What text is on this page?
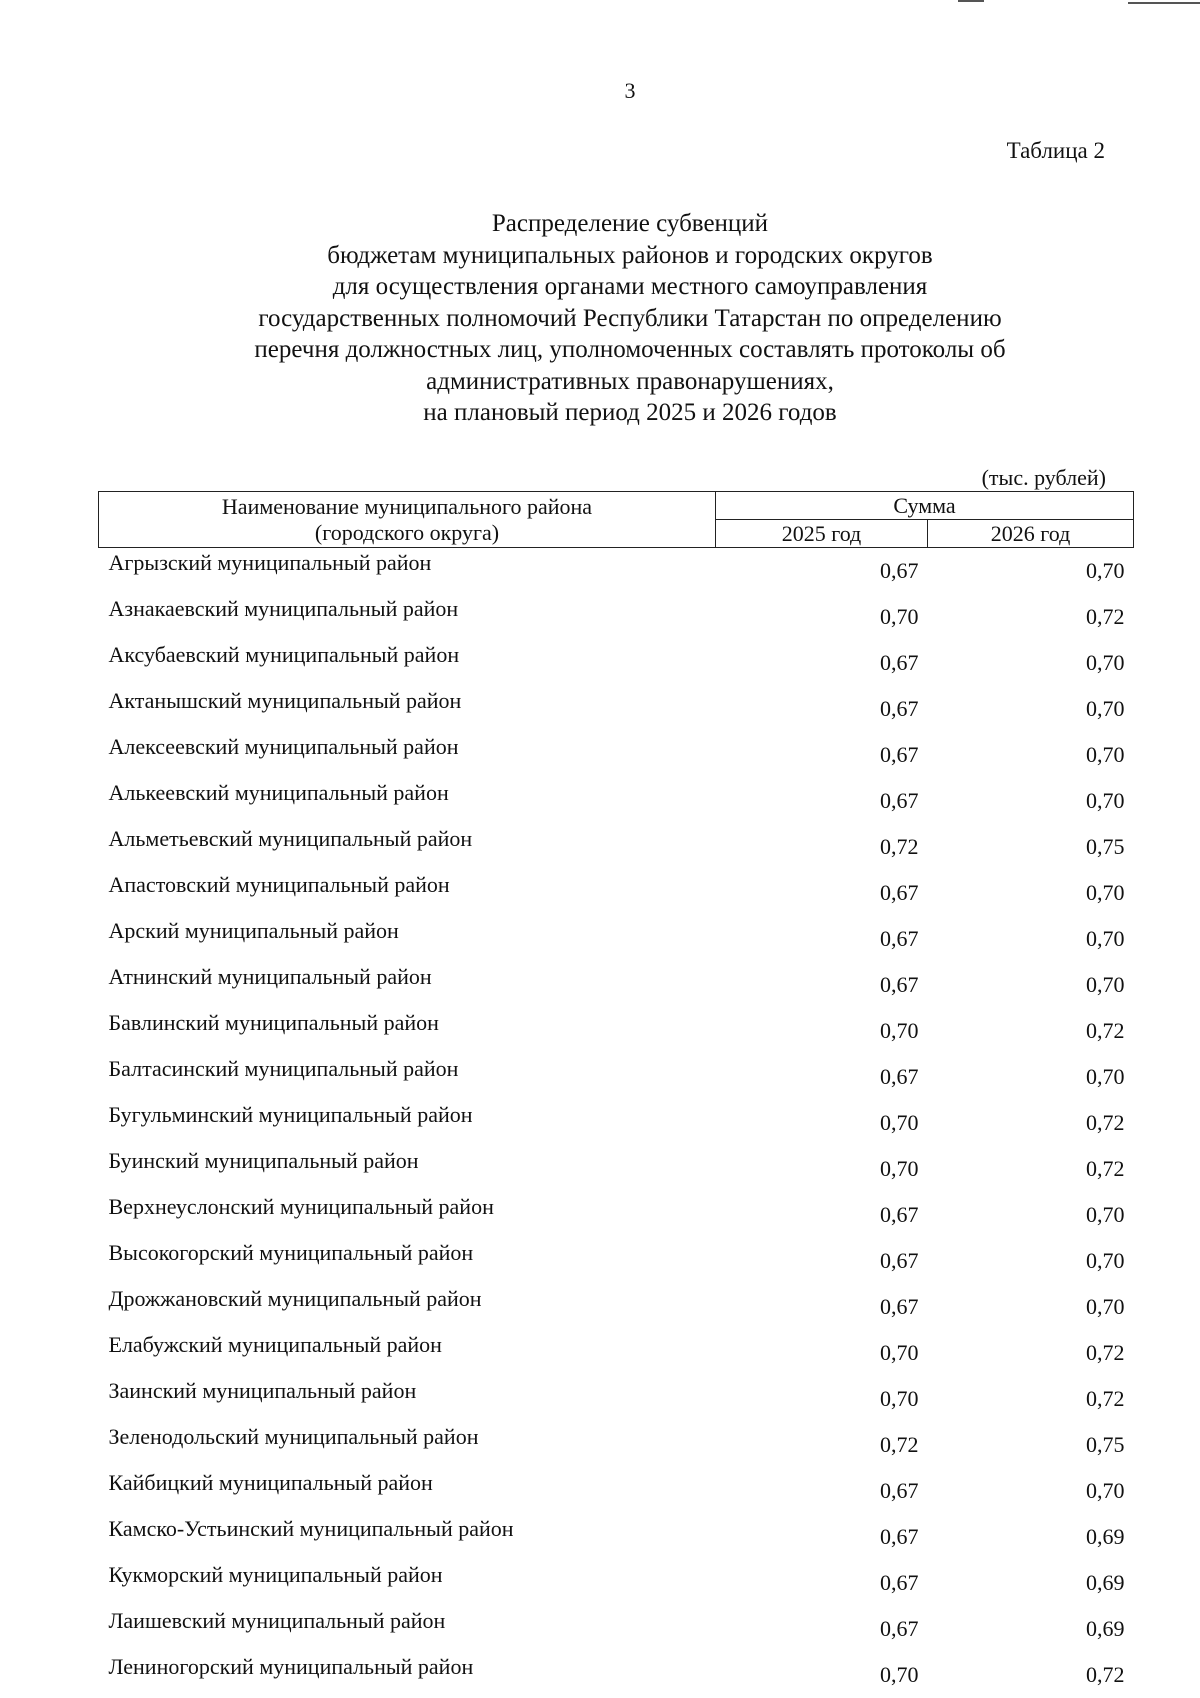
3
Таблица 2
Распределение субвенций
бюджетам муниципальных районов и городских округов
для осуществления органами местного самоуправления
государственных полномочий Республики Татарстан по определению
перечня должностных лиц, уполномоченных составлять протоколы об
административных правонарушениях,
на плановый период 2025 и 2026 годов
(тыс. рублей)
Наименование муниципального района
(городского округа)	Сумма	
	2025 год	2026 год
Агрызский муниципальный район	0,67	0,70
Азнакаевский муниципальный район	0,70	0,72
Аксубаевский муниципальный район	0,67	0,70
Актанышский муниципальный район	0,67	0,70
Алексеевский муниципальный район	0,67	0,70
Алькеевский муниципальный район	0,67	0,70
Альметьевский муниципальный район	0,72	0,75
Апастовский муниципальный район	0,67	0,70
Арский муниципальный район	0,67	0,70
Атнинский муниципальный район	0,67	0,70
Бавлинский муниципальный район	0,70	0,72
Балтасинский муниципальный район	0,67	0,70
Бугульминский муниципальный район	0,70	0,72
Буинский муниципальный район	0,70	0,72
Верхнеуслонский муниципальный район	0,67	0,70
Высокогорский муниципальный район	0,67	0,70
Дрожжановский муниципальный район	0,67	0,70
Елабужский муниципальный район	0,70	0,72
Заинский муниципальный район	0,70	0,72
Зеленодольский муниципальный район	0,72	0,75
Кайбицкий муниципальный район	0,67	0,70
Камско-Устьинский муниципальный район	0,67	0,69
Кукморский муниципальный район	0,67	0,69
Лаишевский муниципальный район	0,67	0,69
Лениногорский муниципальный район	0,70	0,72
